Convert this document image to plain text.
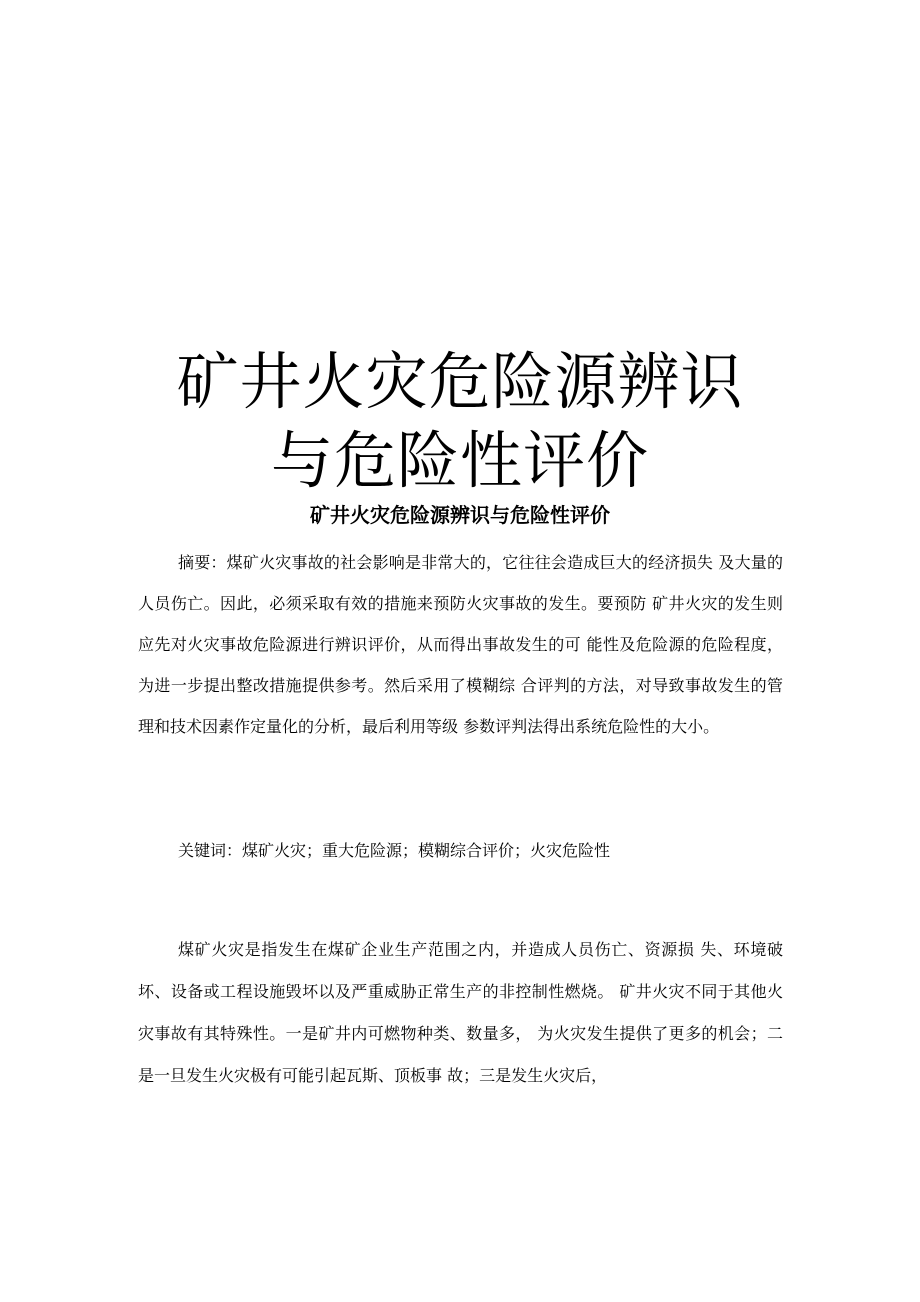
矿井火灾危险源辨识
与危险性评价
矿井火灾危险源辨识与危险性评价

摘要：煤矿火灾事故的社会影响是非常大的，它往往会造成巨大的经济损失 及大量的人员伤亡。因此，必须采取有效的措施来预防火灾事故的发生。要预防 矿井火灾的发生则应先对火灾事故危险源进行辨识评价，从而得出事故发生的可 能性及危险源的危险程度，为进一步提出整改措施提供参考。然后采用了模糊综 合评判的方法，对导致事故发生的管理和技术因素作定量化的分析，最后利用等级 参数评判法得出系统危险性的大小。

关键词：煤矿火灾；重大危险源；模糊综合评价；火灾危险性

煤矿火灾是指发生在煤矿企业生产范围之内，并造成人员伤亡、资源损 失、环境破坏、设备或工程设施毁坏以及严重威胁正常生产的非控制性燃烧。 矿井火灾不同于其他火灾事故有其特殊性。一是矿井内可燃物种类、数量多， 为火灾发生提供了更多的机会；二是一旦发生火灾极有可能引起瓦斯、顶板事 故；三是发生火灾后，
